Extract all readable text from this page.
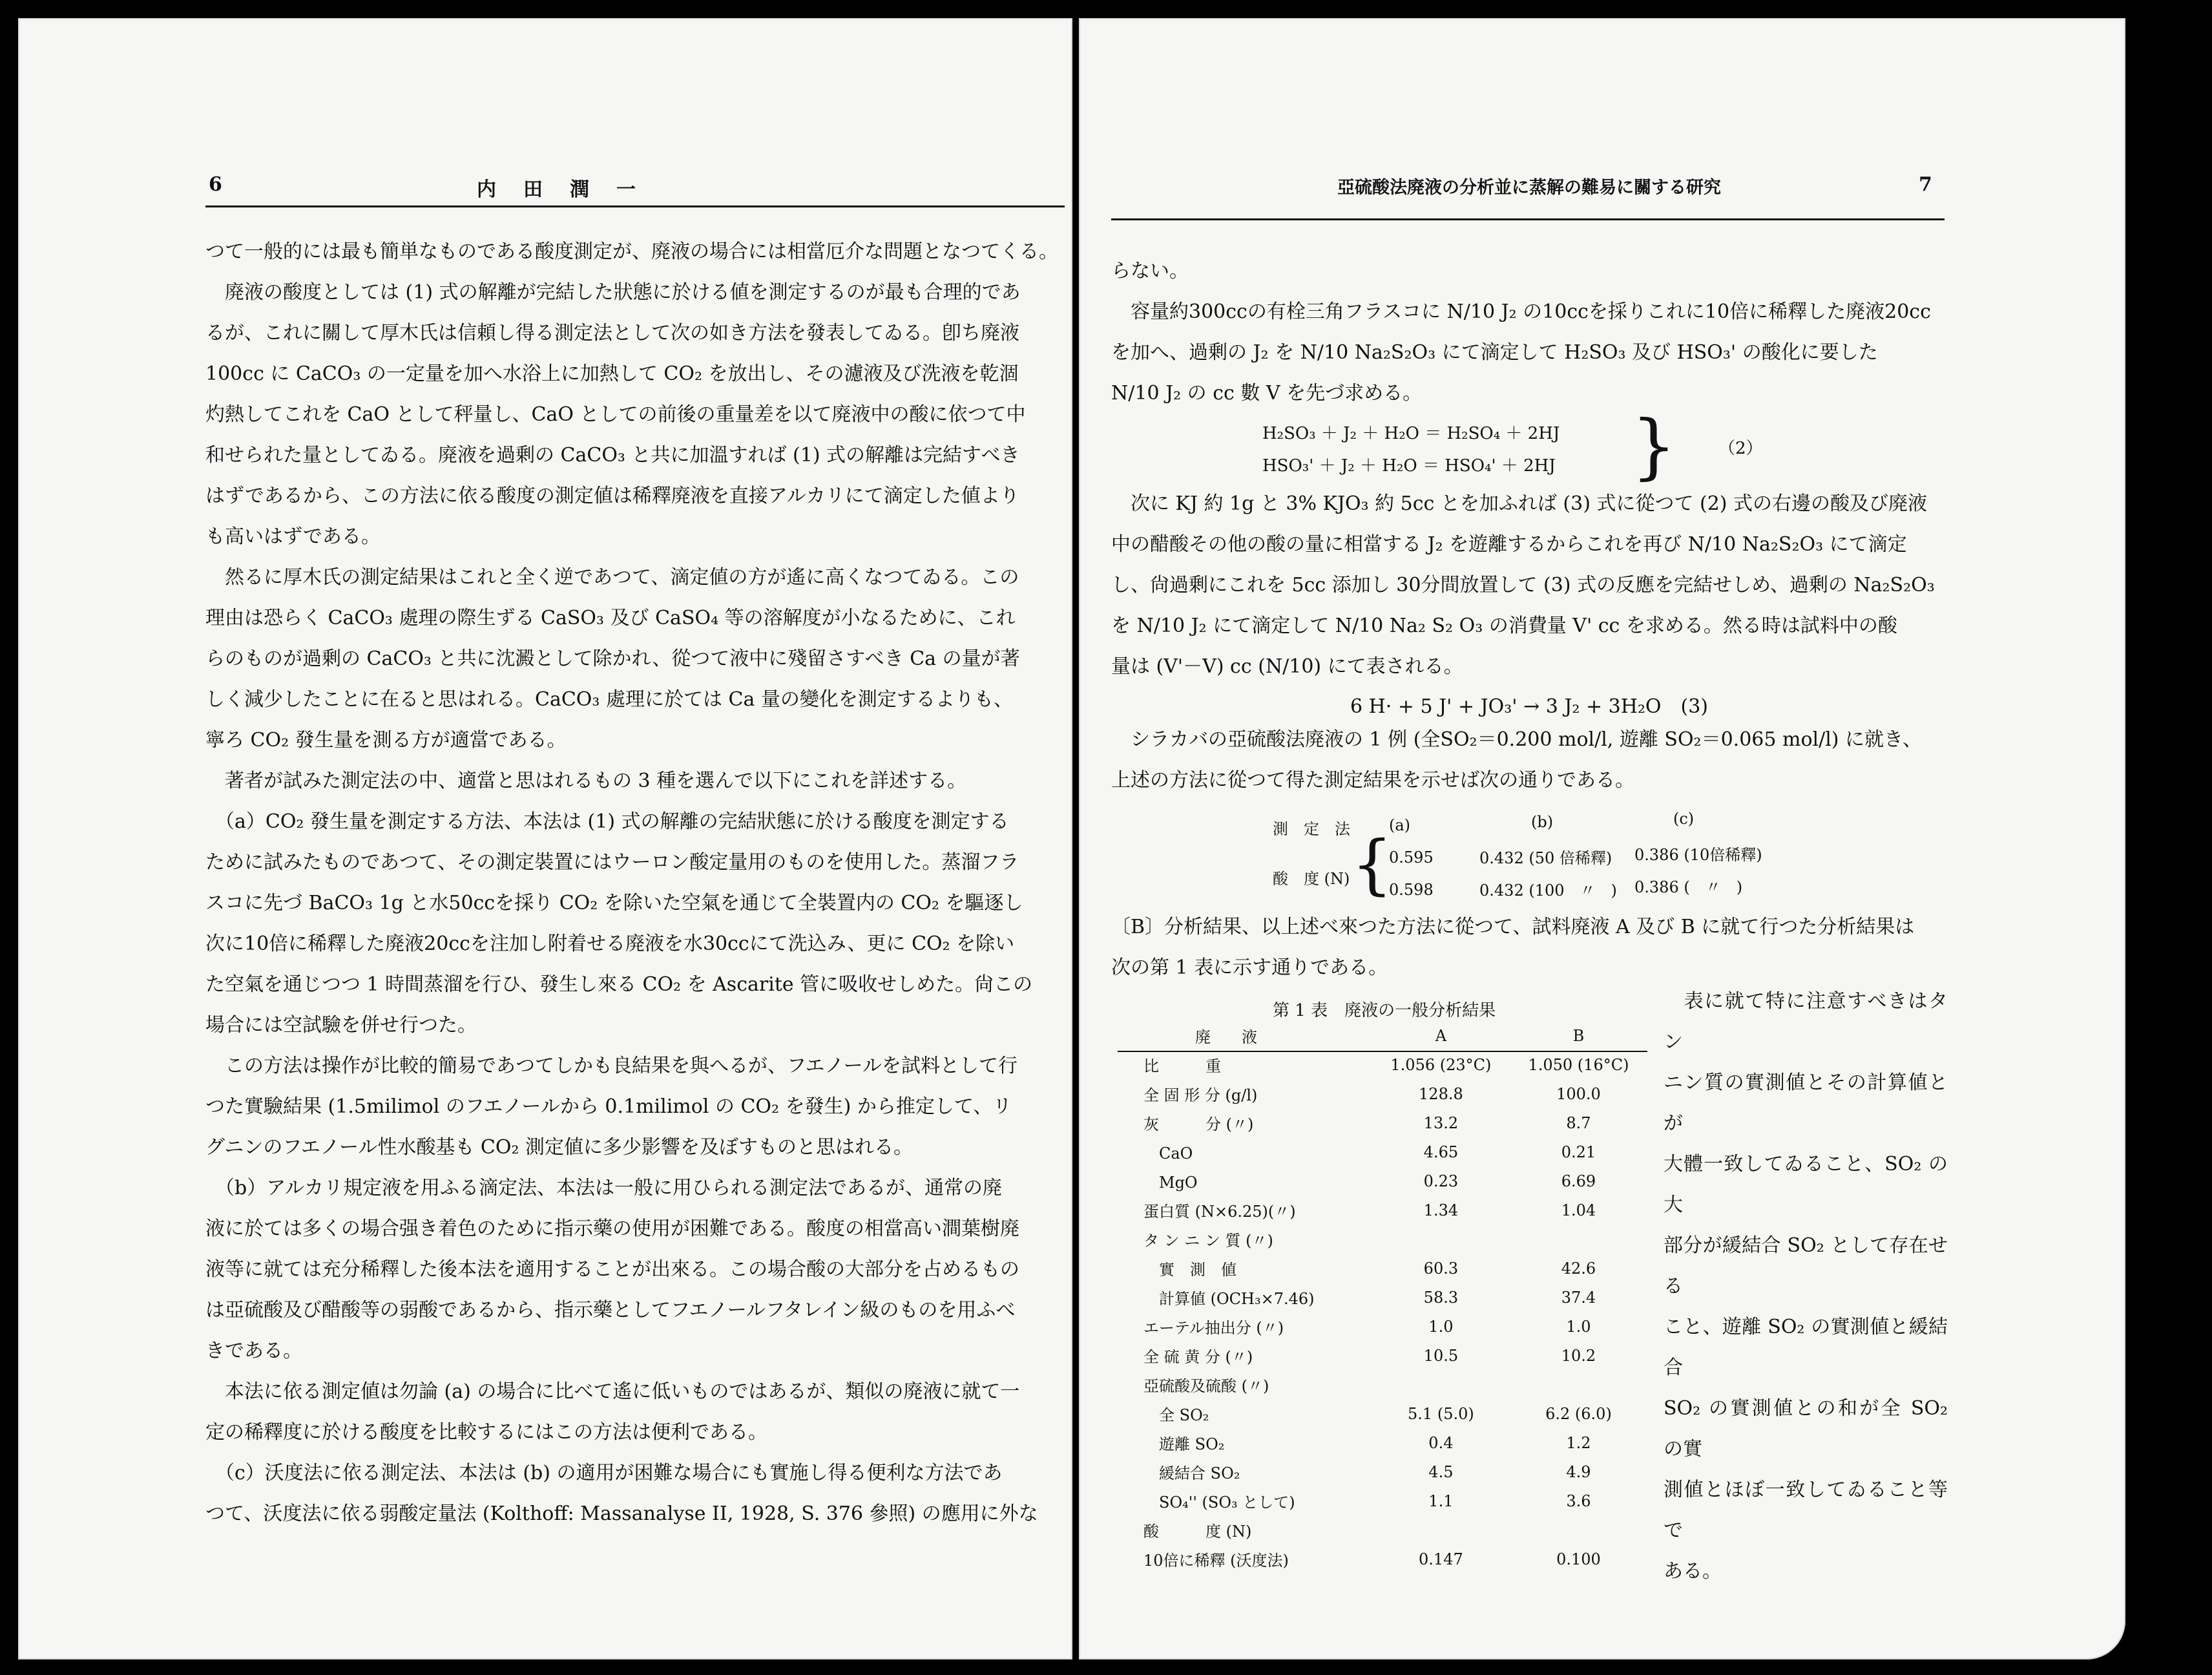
6	内　田　潤　一
つて一般的には最も簡単なものである酸度測定が、廃液の場合には相當厄介な問題となつてくる。
　廃液の酸度としては (1) 式の解離が完結した狀態に於ける値を測定するのが最も合理的であ
るが、これに關して厚木氏は信頼し得る測定法として次の如き方法を發表してゐる。卽ち廃液
100cc に CaCO₃ の一定量を加へ水浴上に加熱して CO₂ を放出し、その濾液及び洗液を乾涸
灼熱してこれを CaO として秤量し、CaO としての前後の重量差を以て廃液中の酸に依つて中
和せられた量としてゐる。廃液を過剰の CaCO₃ と共に加溫すれば (1) 式の解離は完結すべき
はずであるから、この方法に依る酸度の測定値は稀釋廃液を直接アルカリにて滴定した値より
も高いはずである。
　然るに厚木氏の測定結果はこれと全く逆であつて、滴定値の方が遙に高くなつてゐる。この
理由は恐らく CaCO₃ 處理の際生ずる CaSO₃ 及び CaSO₄ 等の溶解度が小なるために、これ
らのものが過剰の CaCO₃ と共に沈澱として除かれ、從つて液中に殘留さすべき Ca の量が著
しく減少したことに在ると思はれる。CaCO₃ 處理に於ては Ca 量の變化を測定するよりも、
寧ろ CO₂ 發生量を測る方が適當である。
　著者が試みた測定法の中、適當と思はれるもの 3 種を選んで以下にこれを詳述する。
　（a）CO₂ 發生量を測定する方法、本法は (1) 式の解離の完結狀態に於ける酸度を測定する
ために試みたものであつて、その測定裝置にはウーロン酸定量用のものを使用した。蒸溜フラ
スコに先づ BaCO₃ 1g と水50ccを採り CO₂ を除いた空氣を通じて全裝置内の CO₂ を驅逐し
次に10倍に稀釋した廃液20ccを注加し附着せる廃液を水30ccにて洗込み、更に CO₂ を除い
た空氣を通じつつ 1 時間蒸溜を行ひ、發生し來る CO₂ を Ascarite 管に吸收せしめた。尙この
場合には空試驗を併せ行つた。
　この方法は操作が比較的簡易であつてしかも良結果を與へるが、フエノールを試料として行
つた實驗結果 (1.5milimol のフエノールから 0.1milimol の CO₂ を發生) から推定して、リ
グニンのフエノール性水酸基も CO₂ 測定値に多少影響を及ぼすものと思はれる。
　（b）アルカリ規定液を用ふる滴定法、本法は一般に用ひられる測定法であるが、通常の廃
液に於ては多くの場合强き着色のために指示藥の使用が困難である。酸度の相當高い澗葉樹廃
液等に就ては充分稀釋した後本法を適用することが出來る。この場合酸の大部分を占めるもの
は亞硫酸及び醋酸等の弱酸であるから、指示藥としてフエノールフタレイン級のものを用ふべ
きである。
　本法に依る測定値は勿論 (a) の場合に比べて遙に低いものではあるが、類似の廃液に就て一
定の稀釋度に於ける酸度を比較するにはこの方法は便利である。
　（c）沃度法に依る測定法、本法は (b) の適用が困難な場合にも實施し得る便利な方法であ
つて、沃度法に依る弱酸定量法 (Kolthoff: Massanalyse II, 1928, S. 376 參照) の應用に外な
亞硫酸法廃液の分析並に蒸解の難易に關する研究	7
らない。
　容量約300ccの有栓三角フラスコに N/10 J₂ の10ccを採りこれに10倍に稀釋した廃液20cc
を加へ、過剰の J₂ を N/10 Na₂S₂O₃ にて滴定して H₂SO₃ 及び HSO₃' の酸化に要した
N/10 J₂ の cc 數 V を先づ求める。
H₂SO₃ ＋ J₂ ＋ H₂O ＝ H₂SO₄ ＋ 2HJ
HSO₃' ＋ J₂ ＋ H₂O ＝ HSO₄' ＋ 2HJ }	（2）
　次に KJ 約 1g と 3% KJO₃ 約 5cc とを加ふれば (3) 式に從つて (2) 式の右邊の酸及び廃液
中の醋酸その他の酸の量に相當する J₂ を遊離するからこれを再び N/10 Na₂S₂O₃ にて滴定
し、尙過剰にこれを 5cc 添加し 30分間放置して (3) 式の反應を完結せしめ、過剰の Na₂S₂O₃
を N/10 J₂ にて滴定して N/10 Na₂ S₂ O₃ の消費量 V' cc を求める。然る時は試料中の酸
量は (V'－V) cc (N/10) にて表される。
6 H· + 5 J' + JO₃' → 3 J₂ + 3H₂O　(3)
　シラカバの亞硫酸法廃液の 1 例 (全SO₂＝0.200 mol/l, 遊離 SO₂＝0.065 mol/l) に就き、
上述の方法に從つて得た測定結果を示せば次の通りである。
測　定　法	(a)	(b)	(c)
酸　度 (N) {
0.595	0.432 (50 倍稀釋) 0.386 (10倍稀釋)
0.598	0.432 (100　〃　) 0.386 (　〃　)
〔B〕分析結果、以上述べ來つた方法に從つて、試料廃液 A 及び B に就て行つた分析結果は
次の第 1 表に示す通りである。
第 1 表　廃液の一般分析結果
廃　　液	A	B
比　　　重	1.056 (23°C)	1.050 (16°C)
全 固 形 分 (g/l)	128.8	100.0
灰　　　分 (〃)	13.2	8.7
　CaO	4.65	0.21
　MgO	0.23	6.69
蛋白質 (N×6.25)(〃)	1.34	1.04
タ ン ニ ン 質 (〃)		
　實　測　値	60.3	42.6
　計算値 (OCH₃×7.46)	58.3	37.4
エーテル抽出分 (〃)	1.0	1.0
全 硫 黄 分 (〃)	10.5	10.2
亞硫酸及硫酸 (〃)		
　全 SO₂	5.1 (5.0)	6.2 (6.0)
　遊離 SO₂	0.4	1.2
　緩結合 SO₂	4.5	4.9
　SO₄'' (SO₃ として)	1.1	3.6
酸　　　度 (N)		
10倍に稀釋 (沃度法)	0.147	0.100
　表に就て特に注意すべきはタン
ニン質の實測値とその計算値とが
大體一致してゐること、SO₂ の大
部分が緩結合 SO₂ として存在せる
こと、遊離 SO₂ の實測値と緩結合
SO₂ の實測値との和が全 SO₂ の實
測値とほぼ一致してゐること等で
ある。
